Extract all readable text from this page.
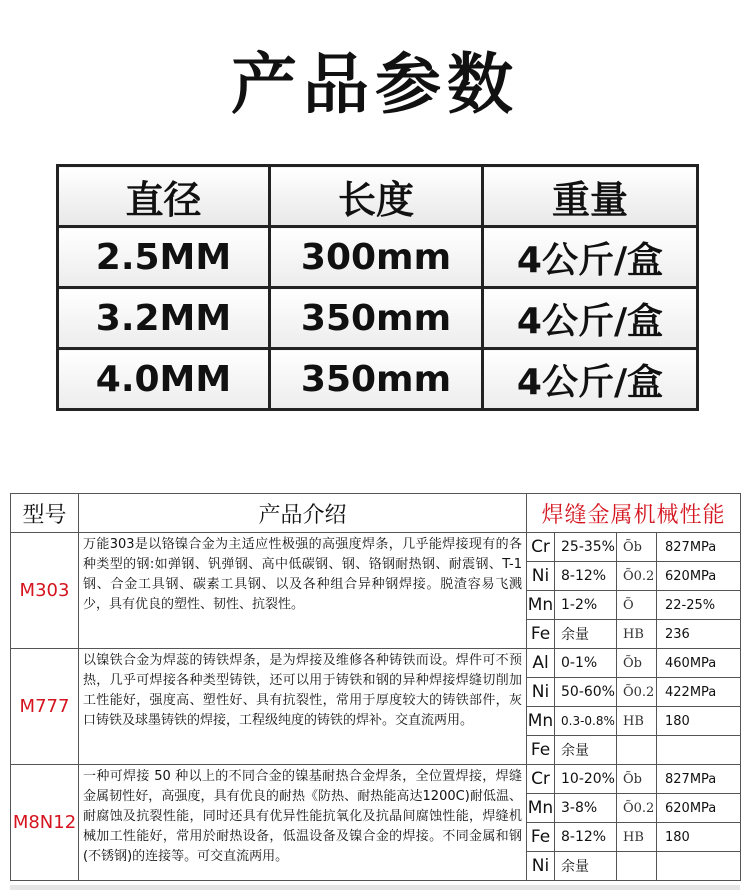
产品参数
直径	长度	重量
2.5MM	300mm	4公斤/盒
3.2MM	350mm	4公斤/盒
4.0MM	350mm	4公斤/盒
型号	产品介绍	焊缝金属机械性能			
M303	万能303是以铬镍合金为主适应性极强的高强度焊条，几乎能焊接现有的各种类型的钢:如弹钢、钒弹钢、高中低碳钢、钢、铬钢耐热钢、耐震钢、T-1 钢、合金工具钢、碳素工具钢、以及各种组合异种钢焊接。脱渣容易飞溅少，具有优良的塑性、韧性、抗裂性。	Cr	25-35%	Õb	827MPa
		Ni	8-12%	Õ0.2	620MPa
		Mn	1-2%	Õ	22-25%
		Fe	余量	HB	236
M777	以镍铁合金为焊蕊的铸铁焊条，是为焊接及维修各种铸铁而设。焊件可不预热，几乎可焊接各种类型铸铁，还可以用于铸铁和钢的异种焊接焊缝切削加工性能好，强度高、塑性好、具有抗裂性，常用于厚度较大的铸铁部件，灰口铸铁及球墨铸铁的焊接，工程级纯度的铸铁的焊补。交直流两用。	Al	0-1%	Õb	460MPa
		Ni	50-60%	Õ0.2	422MPa
		Mn	0.3-0.8%	HB	180
		Fe	余量		
M8N12	一种可焊接 50 种以上的不同合金的镍基耐热合金焊条，全位置焊接，焊缝金属韧性好，高强度，具有优良的耐热《防热、耐热能高达1200C)耐低温、耐腐蚀及抗裂性能，同时还具有优异性能抗氧化及抗晶间腐蚀性能，焊缝机械加工性能好，常用於耐热设备，低温设备及镍合金的焊接。不同金属和钢(不锈钢)的连接等。可交直流两用。	Cr	10-20%	Õb	827MPa
		Mn	3-8%	Õ0.2	620MPa
		Fe	8-12%	HB	180
		Ni	余量		
